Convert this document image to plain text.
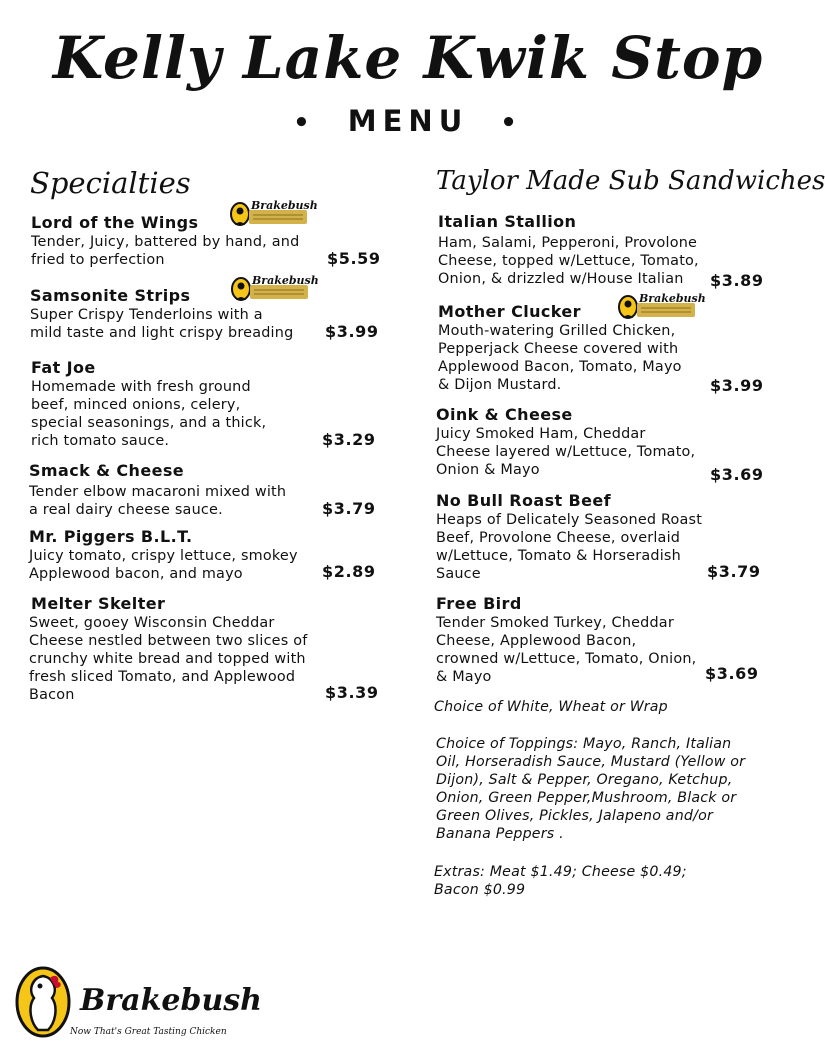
Kelly Lake Kwik Stop
• MENU •
Specialties
Lord of the Wings
Tender, Juicy, battered by hand, and
fried to perfection	$5.59
Samsonite Strips
Super Crispy Tenderloins with a
mild taste and light crispy breading $3.99
Fat Joe
Homemade with fresh ground
beef, minced onions, celery,
special seasonings, and a thick,
rich tomato sauce.	$3.29
Smack & Cheese
Tender elbow macaroni mixed with
a real dairy cheese sauce.	$3.79
Mr. Piggers B.L.T.
Juicy tomato, crispy lettuce, smokey
Applewood bacon, and mayo	$2.89
Melter Skelter
Sweet, gooey Wisconsin Cheddar
Cheese nestled between two slices of
crunchy white bread and topped with
fresh sliced Tomato, and Applewood
Bacon	$3.39
Taylor Made Sub Sandwiches
Italian Stallion
Ham, Salami, Pepperoni, Provolone
Cheese, topped w/Lettuce, Tomato,
Onion, & drizzled w/House Italian	$3.89
Mother Clucker
Mouth-watering Grilled Chicken,
Pepperjack Cheese covered with
Applewood Bacon, Tomato, Mayo
& Dijon Mustard.	$3.99
Oink & Cheese
Juicy Smoked Ham, Cheddar
Cheese layered w/Lettuce, Tomato,
Onion & Mayo	$3.69
No Bull Roast Beef
Heaps of Delicately Seasoned Roast
Beef, Provolone Cheese, overlaid
w/Lettuce, Tomato & Horseradish
Sauce	$3.79
Free Bird
Tender Smoked Turkey, Cheddar
Cheese, Applewood Bacon,
crowned w/Lettuce, Tomato, Onion,
& Mayo	$3.69
Choice of White, Wheat or Wrap
Choice of Toppings: Mayo, Ranch, Italian
Oil, Horseradish Sauce, Mustard (Yellow or
Dijon), Salt & Pepper, Oregano, Ketchup,
Onion, Green Pepper,Mushroom, Black or
Green Olives, Pickles, Jalapeno and/or
Banana Peppers .
Extras: Meat $1.49; Cheese $0.49;
Bacon $0.99
Brakebush
Brakebush
Brakebush
Brakebush
Now That's Great Tasting Chicken
